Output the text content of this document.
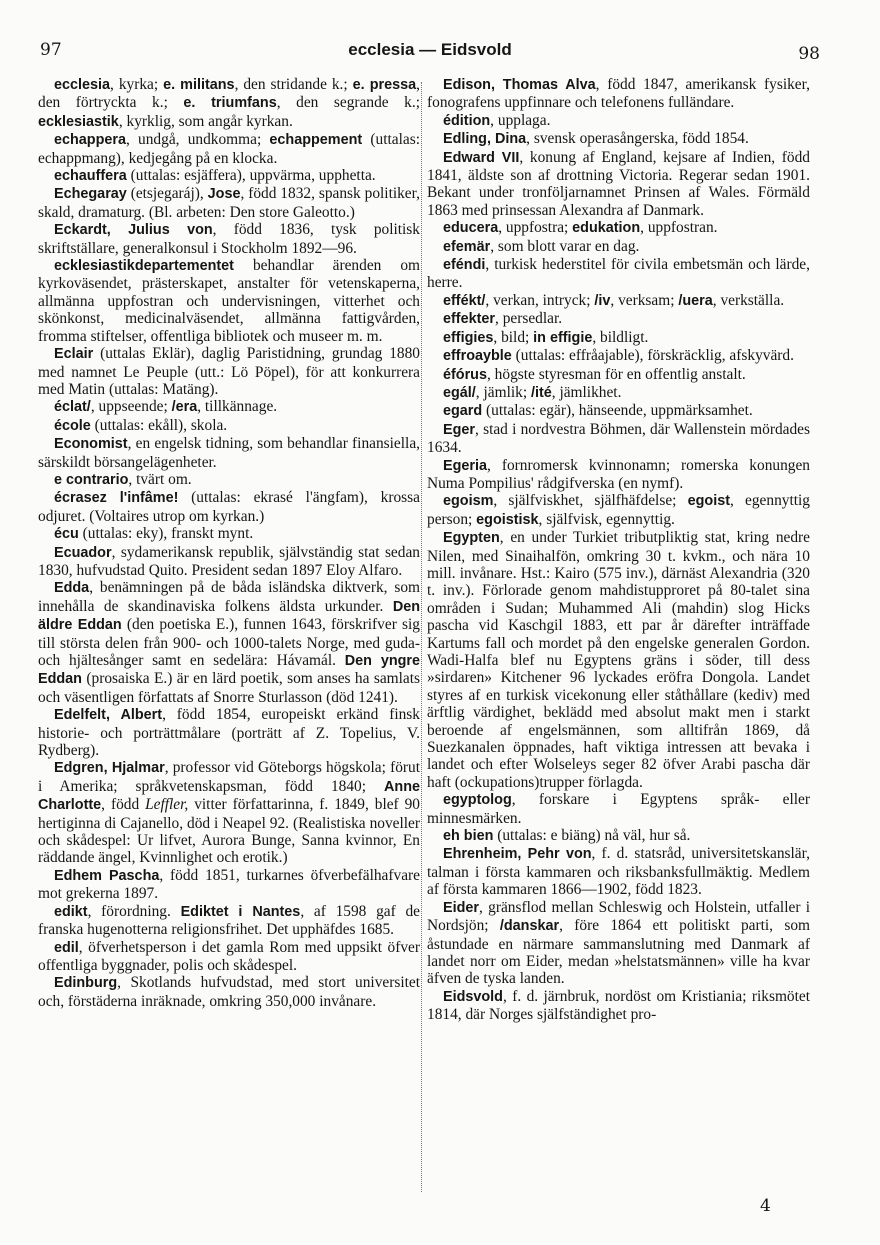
97	ecclesia — Eidsvold	98

ecclesia, kyrka; e. militans, den stridande k.; e. pressa, den förtryckta k.; e. triumfans, den segrande k.; ecklesiastik, kyrklig, som angår kyrkan.

echappera, undgå, undkomma; echappement (uttalas: echappmang), kedjegång på en klocka.

echauffera (uttalas: esjäffera), uppvärma, upphetta.

Echegaray (etsjegaráj), Jose, född 1832, spansk politiker, skald, dramaturg. (Bl. arbeten: Den store Galeotto.)

Eckardt, Julius von, född 1836, tysk politisk skriftställare, generalkonsul i Stockholm 1892—96.

ecklesiastikdepartementet behandlar ärenden om kyrkoväsendet, prästerskapet, anstalter för vetenskaperna, allmänna uppfostran och undervisningen, vitterhet och skönkonst, medicinalväsendet, allmänna fattigvården, fromma stiftelser, offentliga bibliotek och museer m. m.

Eclair (uttalas Eklär), daglig Paristidning, grundag 1880 med namnet Le Peuple (utt.: Lö Pöpel), för att konkurrera med Matin (uttalas: Matäng).

éclat/, uppseende; /era, tillkännage.

école (uttalas: ekåll), skola.

Economist, en engelsk tidning, som behandlar finansiella, särskildt börsangelägenheter.

e contrario, tvärt om.

écrasez l'infâme! (uttalas: ekrasé l'ängfam), krossa odjuret. (Voltaires utrop om kyrkan.)

écu (uttalas: eky), franskt mynt.

Ecuador, sydamerikansk republik, självständig stat sedan 1830, hufvudstad Quito. President sedan 1897 Eloy Alfaro.

Edda, benämningen på de båda isländska diktverk, som innehålla de skandinaviska folkens äldsta urkunder. Den äldre Eddan (den poetiska E.), funnen 1643, förskrifver sig till största delen från 900- och 1000-talets Norge, med guda- och hjältesånger samt en sedelära: Hávamál. Den yngre Eddan (prosaiska E.) är en lärd poetik, som anses ha samlats och väsentligen författats af Snorre Sturlasson (död 1241).

Edelfelt, Albert, född 1854, europeiskt erkänd finsk historie- och porträttmålare (porträtt af Z. Topelius, V. Rydberg).

Edgren, Hjalmar, professor vid Göteborgs högskola; förut i Amerika; språkvetenskapsman, född 1840; Anne Charlotte, född Leffler, vitter författarinna, f. 1849, blef 90 hertiginna di Cajanello, död i Neapel 92. (Realistiska noveller och skådespel: Ur lifvet, Aurora Bunge, Sanna kvinnor, En räddande ängel, Kvinnlighet och erotik.)

Edhem Pascha, född 1851, turkarnes öfverbefälhafvare mot grekerna 1897.

edikt, förordning. Ediktet i Nantes, af 1598 gaf de franska hugenotterna religionsfrihet. Det upphäfdes 1685.

edil, öfverhetsperson i det gamla Rom med uppsikt öfver offentliga byggnader, polis och skådespel.

Edinburg, Skotlands hufvudstad, med stort universitet och, förstäderna inräknade, omkring 350,000 invånare.

Edison, Thomas Alva, född 1847, amerikansk fysiker, fonografens uppfinnare och telefonens fulländare.

édition, upplaga.

Edling, Dina, svensk operasångerska, född 1854.

Edward VII, konung af England, kejsare af Indien, född 1841, äldste son af drottning Victoria. Regerar sedan 1901. Bekant under tronföljarnamnet Prinsen af Wales. Förmäld 1863 med prinsessan Alexandra af Danmark.

educera, uppfostra; edukation, uppfostran.

efemär, som blott varar en dag.

eféndi, turkisk hederstitel för civila embetsmän och lärde, herre.

effékt/, verkan, intryck; /iv, verksam; /uera, verkställa.

effekter, persedlar.

effigies, bild; in effigie, bildligt.

effroayble (uttalas: effråajable), förskräcklig, afskyvärd.

éfórus, högste styresman för en offentlig anstalt.

egál/, jämlik; /ité, jämlikhet.

egard (uttalas: egär), hänseende, uppmärksamhet.

Eger, stad i nordvestra Böhmen, där Wallenstein mördades 1634.

Egeria, fornromersk kvinnonamn; romerska konungen Numa Pompilius' rådgifverska (en nymf).

egoism, själfviskhet, själfhäfdelse; egoist, egennyttig person; egoistisk, själfvisk, egennyttig.

Egypten, en under Turkiet tributpliktig stat, kring nedre Nilen, med Sinaihalfön, omkring 30 t. kvkm., och nära 10 mill. invånare. Hst.: Kairo (575 inv.), därnäst Alexandria (320 t. inv.). Förlorade genom mahdistupproret på 80-talet sina områden i Sudan; Muhammed Ali (mahdin) slog Hicks pascha vid Kaschgil 1883, ett par år därefter inträffade Kartums fall och mordet på den engelske generalen Gordon. Wadi-Halfa blef nu Egyptens gräns i söder, till dess »sirdaren» Kitchener 96 lyckades eröfra Dongola. Landet styres af en turkisk vicekonung eller ståthållare (kediv) med ärftlig värdighet, beklädd med absolut makt men i starkt beroende af engelsmännen, som alltifrån 1869, då Suezkanalen öppnades, haft viktiga intressen att bevaka i landet och efter Wolseleys seger 82 öfver Arabi pascha där haft (ockupations)trupper förlagda.

egyptolog, forskare i Egyptens språk- eller minnesmärken.

eh bien (uttalas: e biäng) nå väl, hur så.

Ehrenheim, Pehr von, f. d. statsråd, universitetskanslär, talman i första kammaren och riksbanksfullmäktig. Medlem af första kammaren 1866—1902, född 1823.

Eider, gränsflod mellan Schleswig och Holstein, utfaller i Nordsjön; /danskar, före 1864 ett politiskt parti, som åstundade en närmare sammanslutning med Danmark af landet norr om Eider, medan »helstatsmännen» ville ha kvar äfven de tyska landen.

Eidsvold, f. d. järnbruk, nordöst om Kristiania; riksmötet 1814, där Norges själfständighet pro-

4
